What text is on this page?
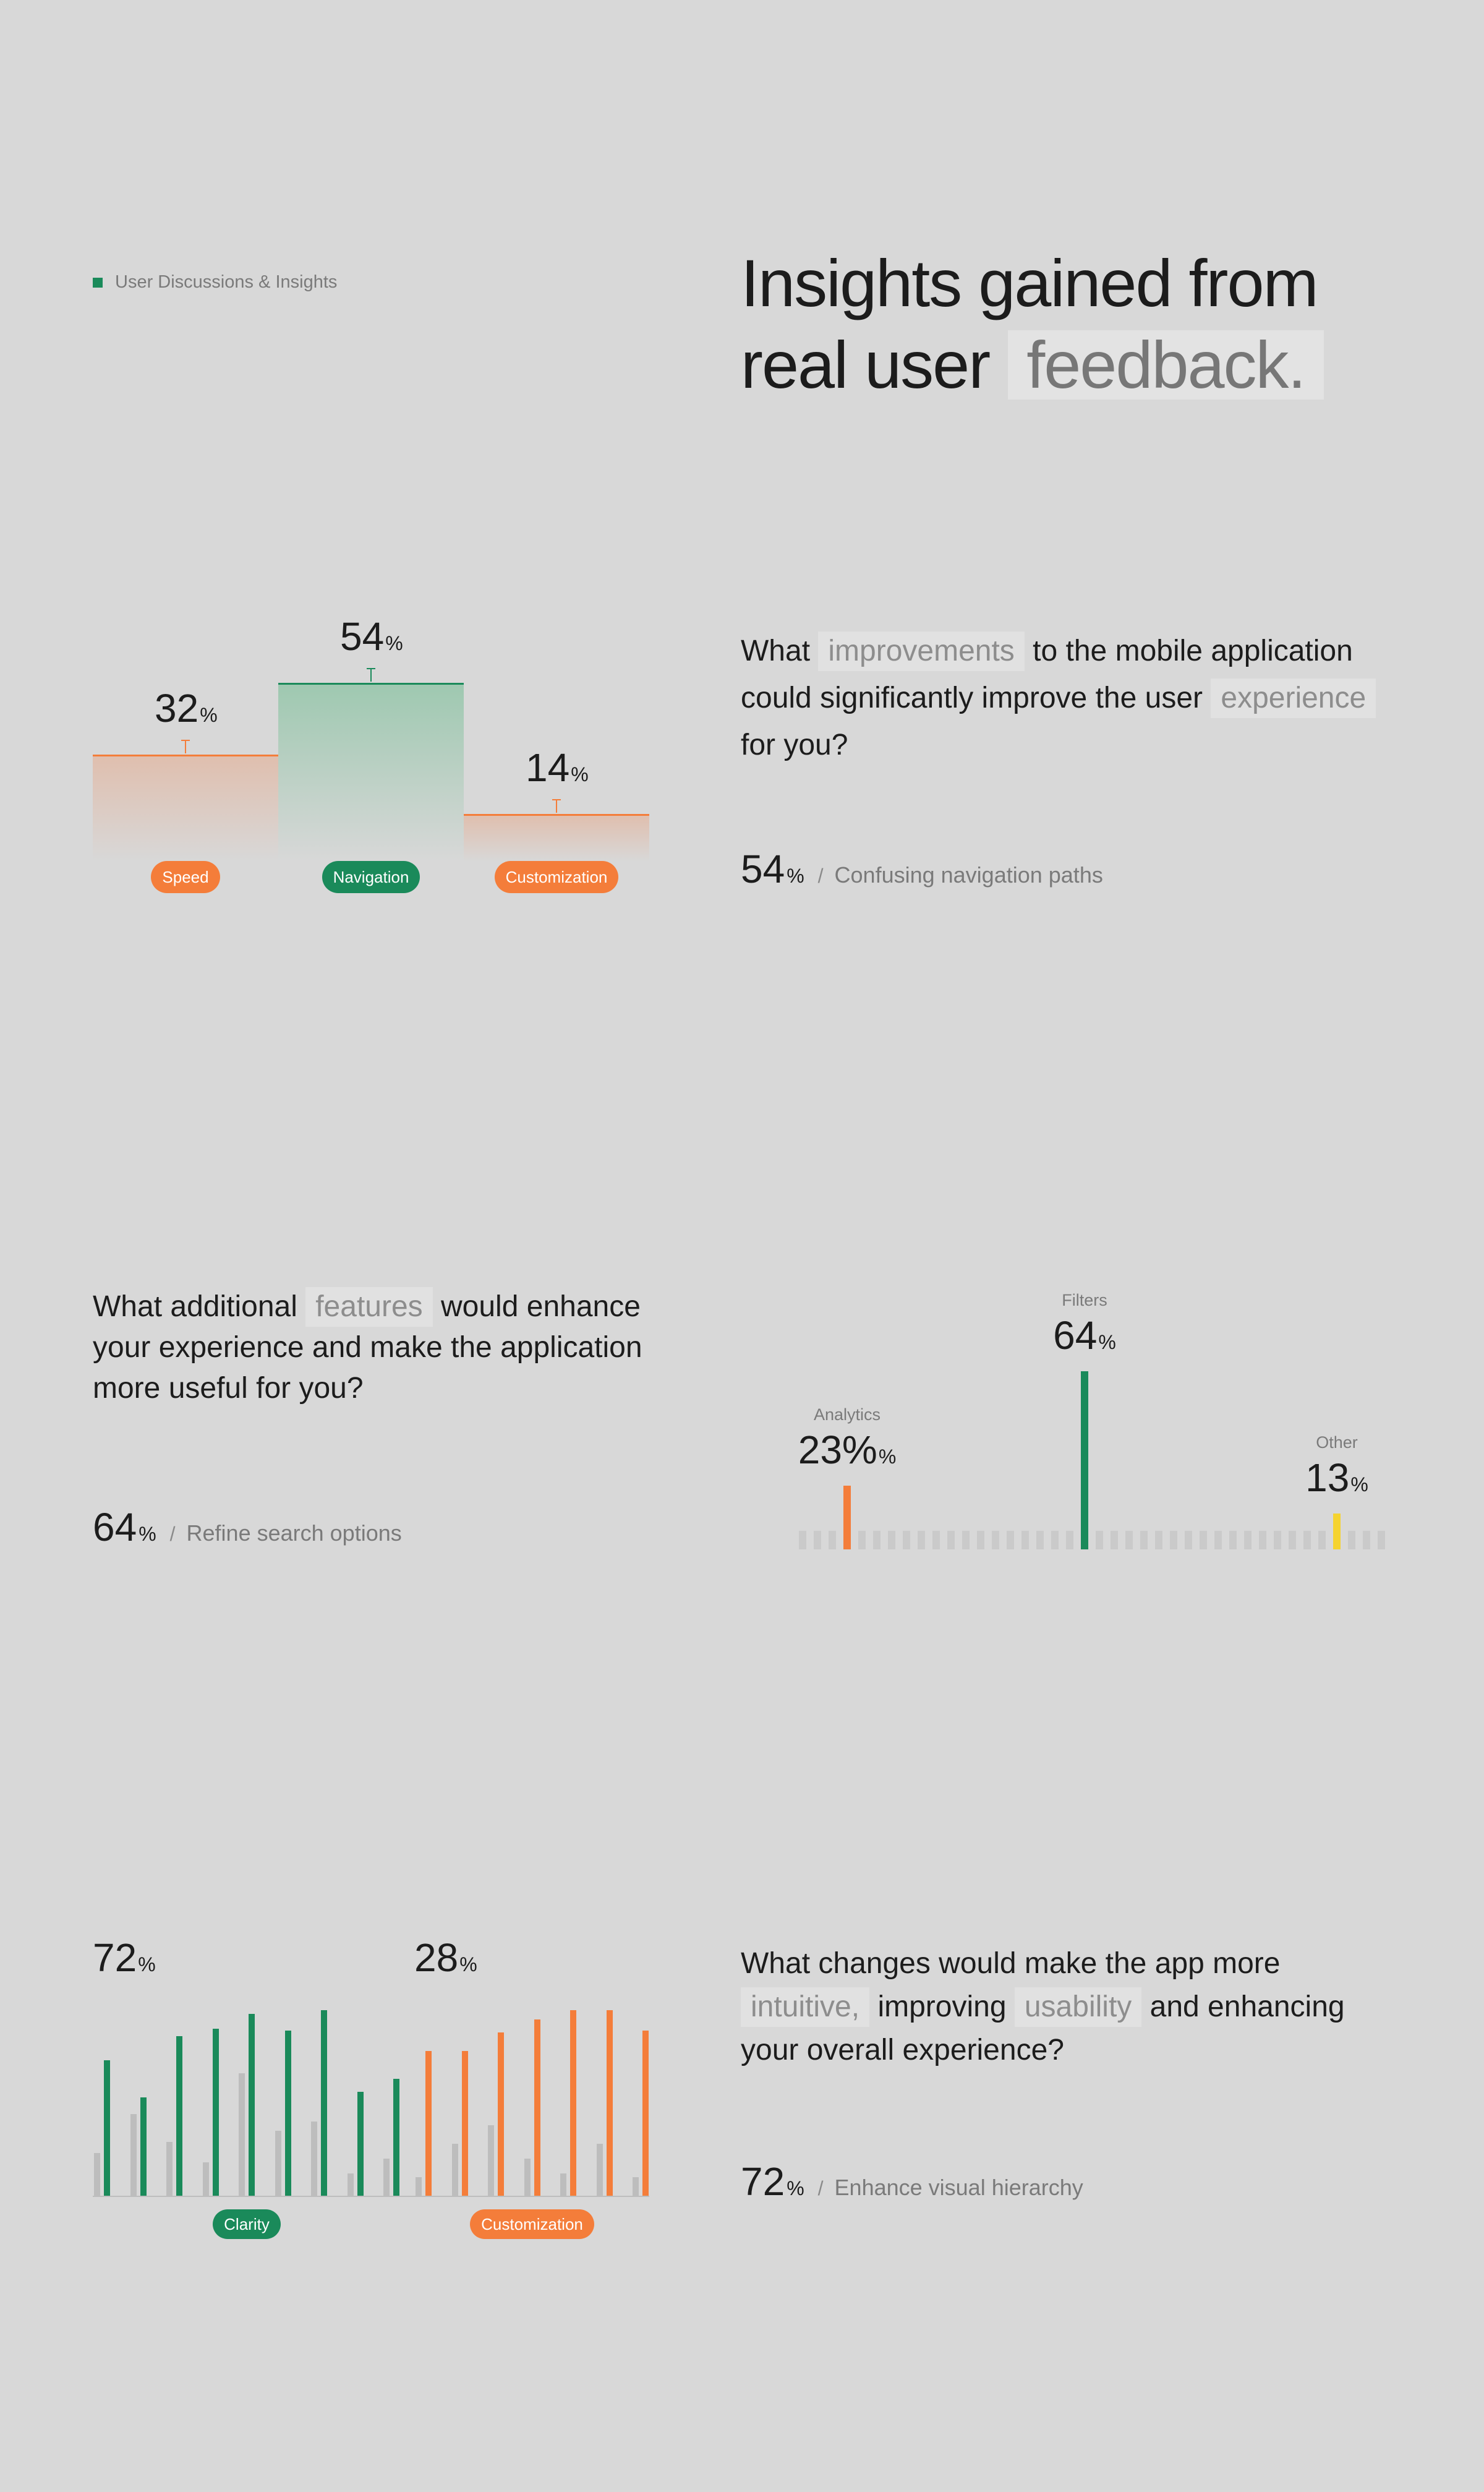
User Discussions & Insights	Insights gained from
real user feedback.
32 %
Speed
54 %
Navigation
14 %
Customization
What improvements to the mobile application
could significantly improve the user experience
for you?
54 % / Confusing navigation paths
What additional features would enhance
your experience and make the application
more useful for you?
64 % / Refine search options
Analytics
23% %
Filters
64 %
Other
13 %
72 %
Clarity
28 %
Customization
What changes would make the app more
intuitive, improving usability and enhancing
your overall experience?
72 % / Enhance visual hierarchy
